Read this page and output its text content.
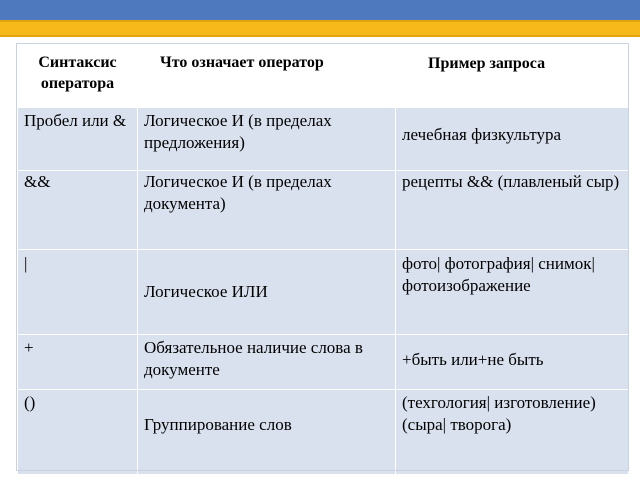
Синтаксис оператора	Что означает оператор	Пример запроса

Пробел или &	Логическое И (в пределах предложения)	лечебная физкультура

&&	Логическое И (в пределах документа)	рецепты && (плавленый сыр)

|	Логическое ИЛИ	фото| фотография| снимок| фотоизображение

+	Обязательное наличие слова в документе	+быть или+не быть

()	Группирование слов	(техгология| изготовление)(сыра| творога)
